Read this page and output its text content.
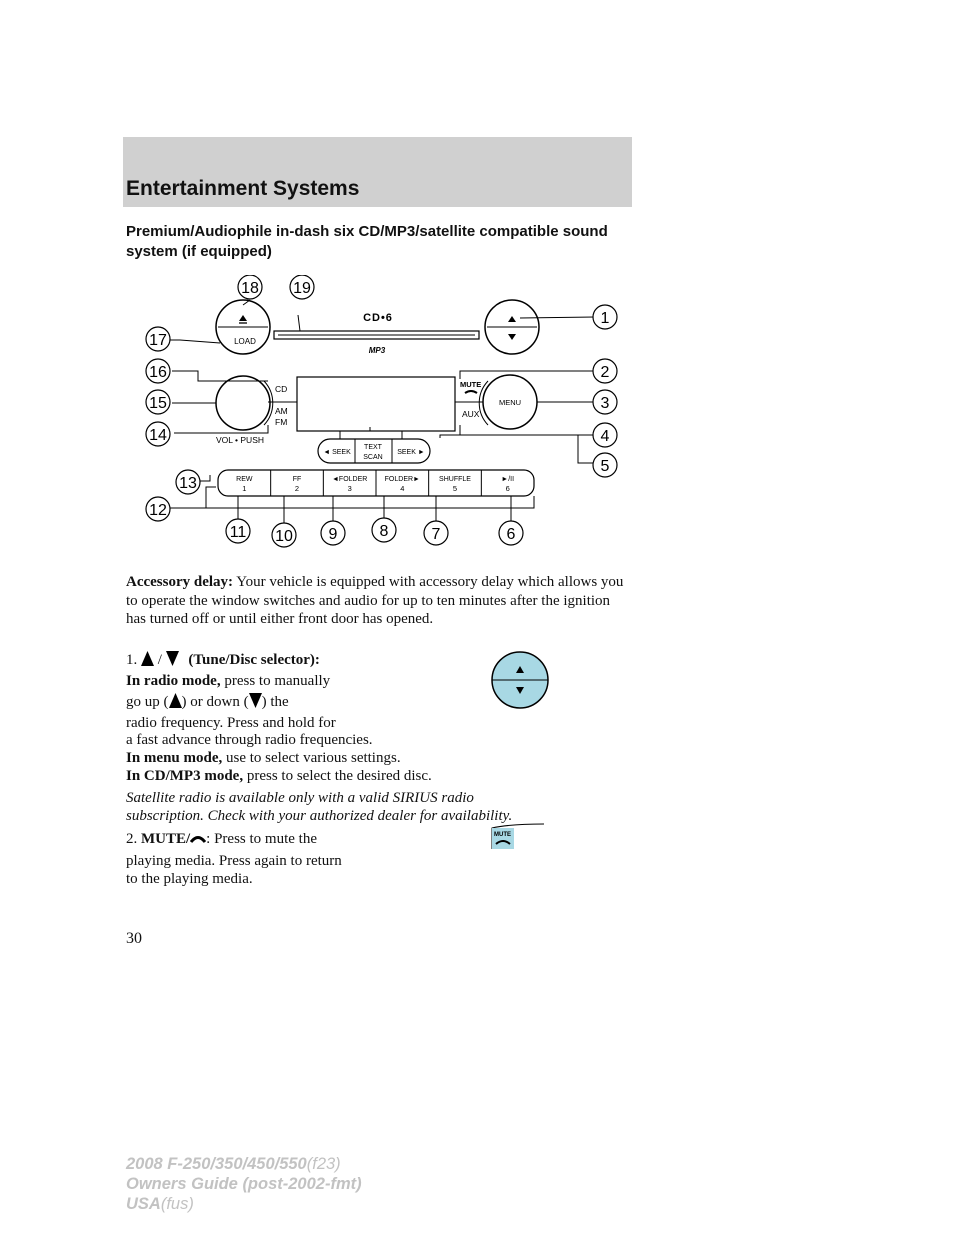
Entertainment Systems
Premium/Audiophile in-dash six CD/MP3/satellite compatible sound system (if equipped)
LOAD
CD•6
MP3
CD
AM
FM
VOL • PUSH
MENU
MUTE
AUX
◄ SEEK
TEXT
SCAN
SEEK ►
REW
1
FF
2
◄FOLDER
3
FOLDER►
4
SHUFFLE
5
►/II
6
1
2
3
4
5
6
7
8
9
10
11
12
13
14
15
16
17
18 19
Accessory delay: Your vehicle is equipped with accessory delay which allows you to operate the window switches and audio for up to ten minutes after the ignition has turned off or until either front door has opened.
1. / (Tune/Disc selector):
In radio mode, press to manually
go up ( ) or down ( ) the
radio frequency. Press and hold for
a fast advance through radio frequencies.
In menu mode, use to select various settings.
In CD/MP3 mode, press to select the desired disc.
Satellite radio is available only with a valid SIRIUS radio
subscription. Check with your authorized dealer for availability.
2. MUTE/ : Press to mute the
playing media. Press again to return
to the playing media.
MUTE
30
2008 F-250/350/450/550(f23)
Owners Guide (post-2002-fmt)
USA(fus)
